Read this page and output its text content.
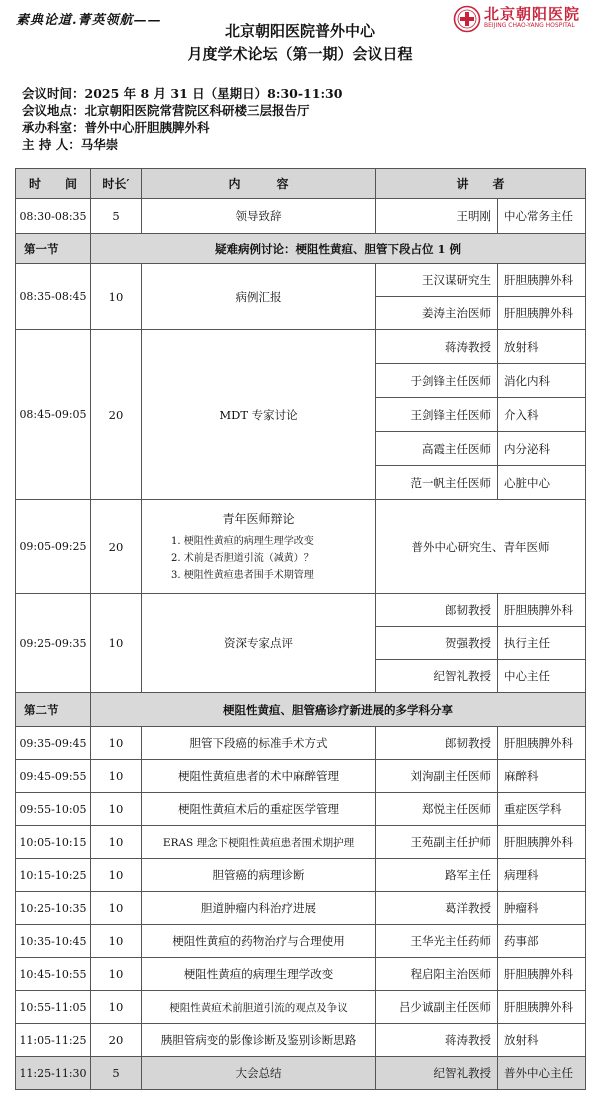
素典论道.菁英领航——
北京朝阳医院普外中心
月度学术论坛（第一期）会议日程
北京朝阳医院
BEIJING CHAO-YANG HOSPITAL
会议时间：2025 年 8 月 31 日（星期日）8:30-11:30
会议地点：北京朝阳医院常营院区科研楼三层报告厅
承办科室：普外中心肝胆胰脾外科
主 持 人：马华崇
时　　间	时长′	内　　　容	讲　　者	
08:30-08:35	5	领导致辞	王明刚	中心常务主任
第一节	疑难病例讨论：梗阻性黄疸、胆管下段占位 1 例			
08:35-08:45	10	病例汇报	王汉谋研究生	肝胆胰脾外科
			姜涛主治医师	肝胆胰脾外科
08:45-09:05	20	MDT 专家讨论	蒋涛教授	放射科
			于剑锋主任医师	消化内科
			王剑锋主任医师	介入科
			高霞主任医师	内分泌科
			范一帆主任医师	心脏中心
09:05-09:25	20	青年医师辩论
1. 梗阻性黄疸的病理生理学改变
2. 术前是否胆道引流（减黄）？
3. 梗阻性黄疸患者围手术期管理	普外中心研究生、青年医师	
09:25-09:35	10	资深专家点评	郎韧教授	肝胆胰脾外科
			贺强教授	执行主任
			纪智礼教授	中心主任
第二节	梗阻性黄疸、胆管癌诊疗新进展的多学科分享			
09:35-09:45	10	胆管下段癌的标准手术方式	郎韧教授	肝胆胰脾外科
09:45-09:55	10	梗阻性黄疸患者的术中麻醉管理	刘洵副主任医师	麻醉科
09:55-10:05	10	梗阻性黄疸术后的重症医学管理	郑悦主任医师	重症医学科
10:05-10:15	10	ERAS 理念下梗阻性黄疸患者围术期护理	王苑副主任护师	肝胆胰脾外科
10:15-10:25	10	胆管癌的病理诊断	路军主任	病理科
10:25-10:35	10	胆道肿瘤内科治疗进展	葛洋教授	肿瘤科
10:35-10:45	10	梗阻性黄疸的药物治疗与合理使用	王华光主任药师	药事部
10:45-10:55	10	梗阻性黄疸的病理生理学改变	程启阳主治医师	肝胆胰脾外科
10:55-11:05	10	梗阻性黄疸术前胆道引流的观点及争议	吕少诚副主任医师	肝胆胰脾外科
11:05-11:25	20	胰胆管病变的影像诊断及鉴别诊断思路	蒋涛教授	放射科
11:25-11:30	5	大会总结	纪智礼教授	普外中心主任
